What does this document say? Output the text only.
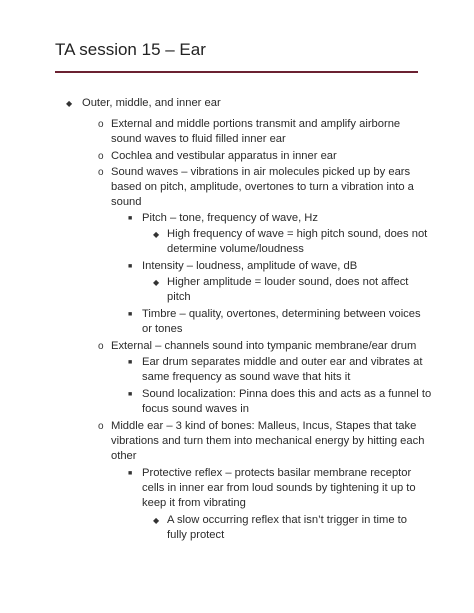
TA session 15 – Ear
◆ Outer, middle, and inner ear
o External and middle portions transmit and amplify airborne
sound waves to fluid filled inner ear
o Cochlea and vestibular apparatus in inner ear
o Sound waves – vibrations in air molecules picked up by ears
based on pitch, amplitude, overtones to turn a vibration into a
sound
■ Pitch – tone, frequency of wave, Hz
◆ High frequency of wave = high pitch sound, does not
determine volume/loudness
■ Intensity – loudness, amplitude of wave, dB
◆ Higher amplitude = louder sound, does not affect
pitch
■ Timbre – quality, overtones, determining between voices
or tones
o External – channels sound into tympanic membrane/ear drum
■ Ear drum separates middle and outer ear and vibrates at
same frequency as sound wave that hits it
■ Sound localization: Pinna does this and acts as a funnel to
focus sound waves in
o Middle ear – 3 kind of bones: Malleus, Incus, Stapes that take
vibrations and turn them into mechanical energy by hitting each
other
■ Protective reflex – protects basilar membrane receptor
cells in inner ear from loud sounds by tightening it up to
keep it from vibrating
◆ A slow occurring reflex that isn’t trigger in time to
fully protect
